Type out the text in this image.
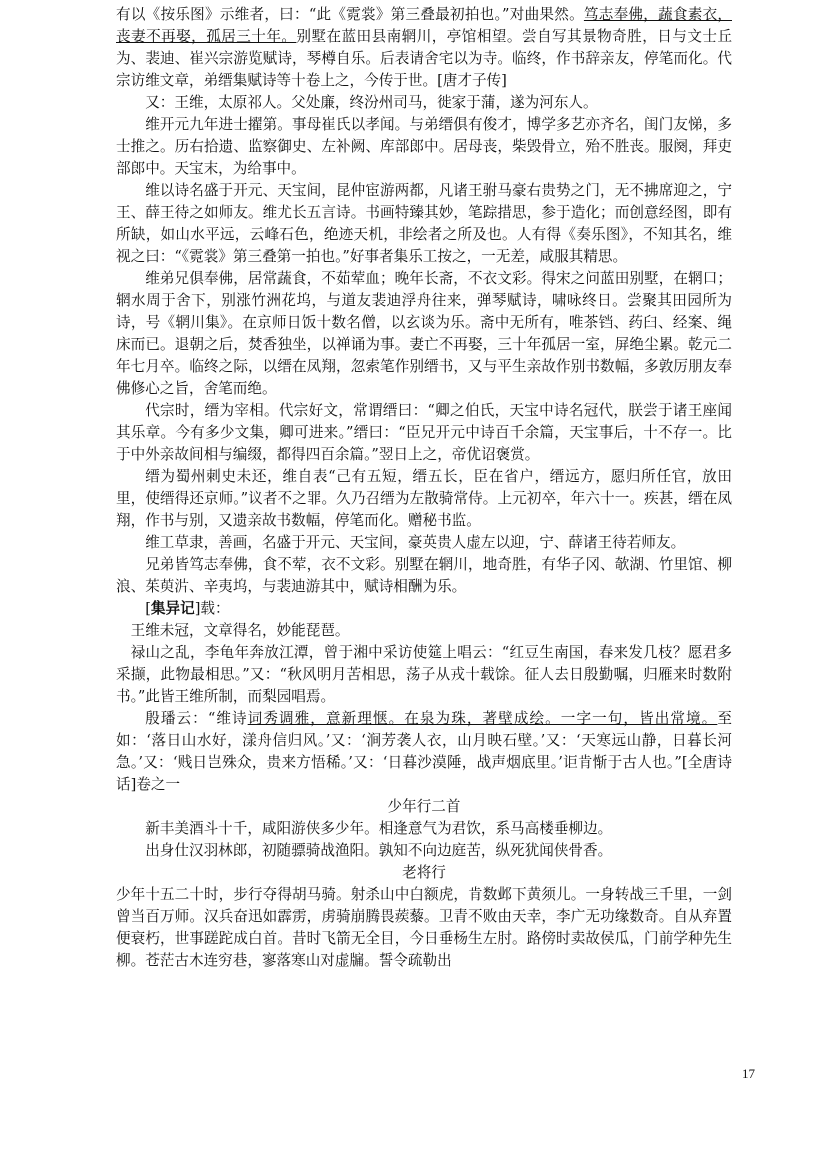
有以《按乐图》示维者，曰：“此《霓裳》第三叠最初拍也。”对曲果然。笃志奉佛，蔬食素衣，丧妻不再娶，孤居三十年。别墅在蓝田县南辋川，亭馆相望。尝自写其景物奇胜，日与文士丘为、裴迪、崔兴宗游览赋诗，琴樽自乐。后表请舍宅以为寺。临终，作书辞亲友，停笔而化。代宗访维文章，弟缙集赋诗等十卷上之，今传于世。[唐才子传]

又：王维，太原祁人。父处廉，终汾州司马，徙家于蒲，遂为河东人。

维开元九年进士擢第。事母崔氏以孝闻。与弟缙俱有俊才，博学多艺亦齐名，闺门友悌，多士推之。历右拾遗、监察御史、左补阙、库部郎中。居母丧，柴毁骨立，殆不胜丧。服阕，拜吏部郎中。天宝末，为给事中。

维以诗名盛于开元、天宝间，昆仲宦游两都，凡诸王驸马豪右贵势之门，无不拂席迎之，宁王、薛王待之如师友。维尤长五言诗。书画特臻其妙，笔踪措思，参于造化；而创意经图，即有所缺，如山水平远，云峰石色，绝迹天机，非绘者之所及也。人有得《奏乐图》，不知其名，维视之曰：“《霓裳》第三叠第一拍也。”好事者集乐工按之，一无差，咸服其精思。

维弟兄俱奉佛，居常蔬食，不茹荤血；晚年长斋，不衣文彩。得宋之问蓝田别墅，在辋口；辋水周于舍下，别涨竹洲花坞，与道友裴迪浮舟往来，弹琴赋诗，啸咏终日。尝聚其田园所为诗，号《辋川集》。在京师日饭十数名僧，以玄谈为乐。斋中无所有，唯茶铛、药臼、经案、绳床而已。退朝之后，焚香独坐，以禅诵为事。妻亡不再娶，三十年孤居一室，屏绝尘累。乾元二年七月卒。临终之际，以缙在凤翔，忽索笔作别缙书，又与平生亲故作别书数幅，多敦厉朋友奉佛修心之旨，舍笔而绝。

代宗时，缙为宰相。代宗好文，常谓缙曰：“卿之伯氏，天宝中诗名冠代，朕尝于诸王座闻其乐章。今有多少文集，卿可进来。”缙曰：“臣兄开元中诗百千余篇，天宝事后，十不存一。比于中外亲故间相与编缀，都得四百余篇。”翌日上之，帝优诏褒赏。

缙为蜀州刺史未还，维自表“己有五短，缙五长，臣在省户，缙远方，愿归所任官，放田里，使缙得还京师。”议者不之罪。久乃召缙为左散骑常侍。上元初卒，年六十一。疾甚，缙在凤翔，作书与别，又遗亲故书数幅，停笔而化。赠秘书监。

维工草隶，善画，名盛于开元、天宝间，豪英贵人虚左以迎，宁、薛诸王待若师友。

兄弟皆笃志奉佛，食不荤，衣不文彩。别墅在辋川，地奇胜，有华子冈、欹湖、竹里馆、柳浪、茱萸沜、辛夷坞，与裴迪游其中，赋诗相酬为乐。

[集异记]载：

王维未冠，文章得名，妙能琵琶。

禄山之乱，李龟年奔放江潭，曾于湘中采访使筵上唱云：“红豆生南国，春来发几枝？愿君多采撷，此物最相思。”又：“秋风明月苦相思，荡子从戎十载馀。征人去日殷勤嘱，归雁来时数附书。”此皆王维所制，而梨园唱焉。

殷璠云：“维诗词秀调雅，意新理惬。在泉为珠，著壁成绘。一字一句，皆出常境。至如：‘落日山水好，漾舟信归风。’又：‘涧芳袭人衣，山月映石壁。’又：‘天寒远山静，日暮长河急。’又：‘贱日岂殊众，贵来方悟稀。’又：‘日暮沙漠陲，战声烟底里。’讵肯惭于古人也。”[全唐诗话]卷之一

少年行二首

新丰美酒斗十千，咸阳游侠多少年。相逢意气为君饮，系马高楼垂柳边。

出身仕汉羽林郎，初随骠骑战渔阳。孰知不向边庭苦，纵死犹闻侠骨香。

老将行

少年十五二十时，步行夺得胡马骑。射杀山中白额虎，肯数邺下黄须儿。一身转战三千里，一剑曾当百万师。汉兵奋迅如霹雳，虏骑崩腾畏蒺藜。卫青不败由天幸，李广无功缘数奇。自从弃置便衰朽，世事蹉跎成白首。昔时飞箭无全目，今日垂杨生左肘。路傍时卖故侯瓜，门前学种先生柳。苍茫古木连穷巷，寥落寒山对虚牖。誓令疏勒出

17
